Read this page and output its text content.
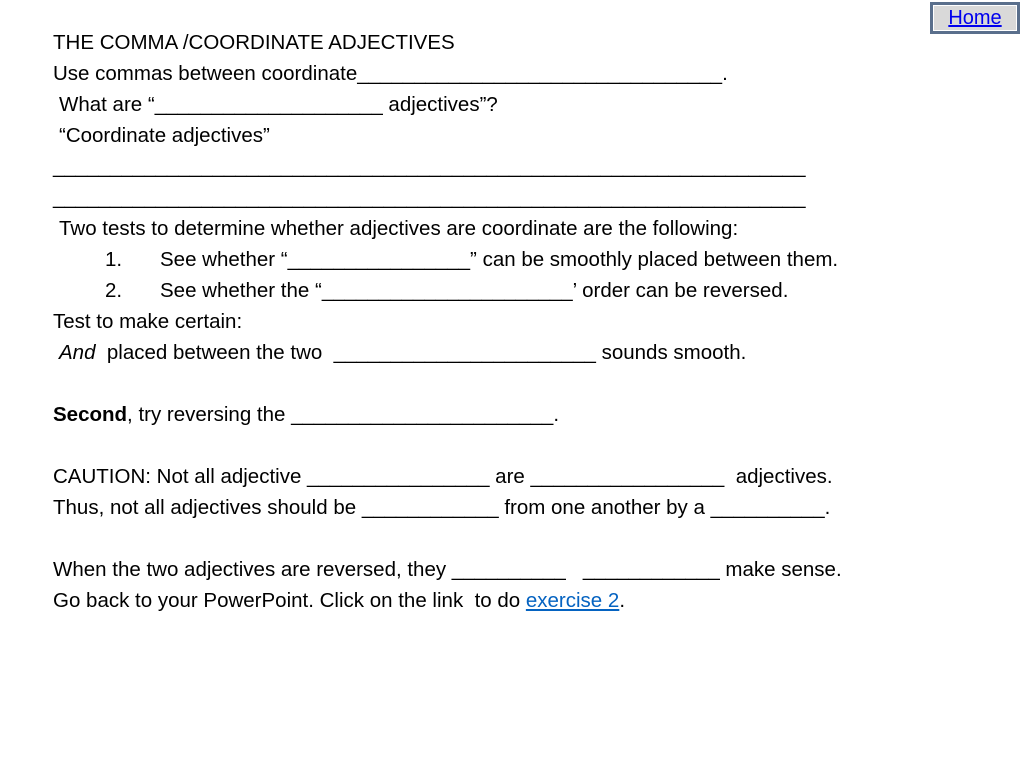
Home
THE COMMA /COORDINATE ADJECTIVES
Use commas between coordinate________________________________.
What are “____________________ adjectives”?
“Coordinate adjectives”
__________________________________________________________________
__________________________________________________________________
Two tests to determine whether adjectives are coordinate are the following:
1.	See whether “________________” can be smoothly placed between them.
2.	See whether the “______________________’ order can be reversed.
Test to make certain:
And  placed between the two  _______________________ sounds smooth.
Second, try reversing the _______________________.
CAUTION: Not all adjective ________________ are _________________  adjectives.
Thus, not all adjectives should be ____________ from one another by a __________.
When the two adjectives are reversed, they __________   ____________ make sense.
Go back to your PowerPoint. Click on the link  to do exercise 2.
